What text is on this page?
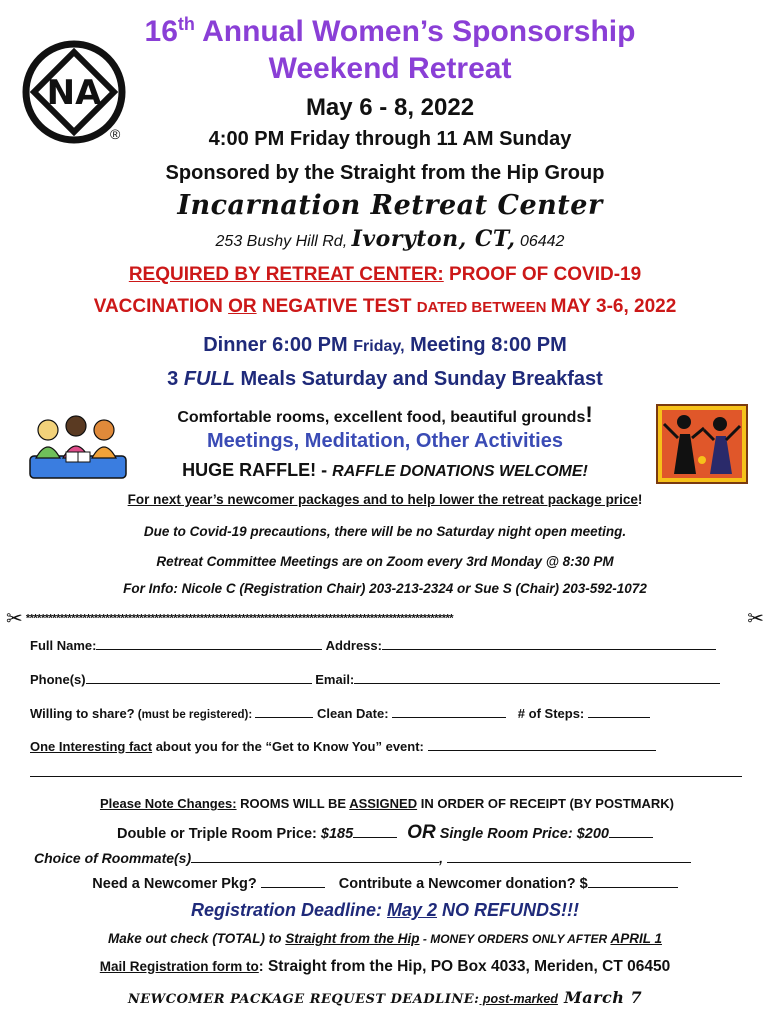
NA
®
16th Annual Women’s Sponsorship
Weekend Retreat
May 6 - 8, 2022
4:00 PM Friday through 11 AM Sunday
Sponsored by the Straight from the Hip Group
Incarnation Retreat Center
253 Bushy Hill Rd, Ivoryton, CT, 06442
REQUIRED BY RETREAT CENTER: PROOF OF COVID-19
VACCINATION OR NEGATIVE TEST DATED BETWEEN MAY 3-6, 2022
Dinner 6:00 PM Friday, Meeting 8:00 PM
3 FULL Meals Saturday and Sunday Breakfast
Comfortable rooms, excellent food, beautiful grounds!
Meetings, Meditation, Other Activities
HUGE RAFFLE! - RAFFLE DONATIONS WELCOME!
For next year’s newcomer packages and to help lower the retreat package price!
Due to Covid-19 precautions, there will be no Saturday night open meeting.
Retreat Committee Meetings are on Zoom every 3rd Monday @ 8:30 PM
For Info: Nicole C (Registration Chair) 203-213-2324 or Sue S (Chair) 203-592-1072
✂ *****************************************************************************************************************	✂
Full Name:	Address:
Phone(s)	Email:
Willing to share? (must be registered):	Clean Date:	# of Steps:
One Interesting fact about you for the “Get to Know You” event:
Please Note Changes: ROOMS WILL BE ASSIGNED IN ORDER OF RECEIPT (BY POSTMARK)
Double or Triple Room Price: $185	OR Single Room Price: $200
Choice of Roommate(s)	,
Need a Newcomer Pkg?	Contribute a Newcomer donation? $
Registration Deadline: May 2 NO REFUNDS!!!
Make out check (TOTAL) to Straight from the Hip - MONEY ORDERS ONLY AFTER APRIL 1
Mail Registration form to: Straight from the Hip, PO Box 4033, Meriden, CT 06450
NEWCOMER PACKAGE REQUEST DEADLINE: post-marked March 7
